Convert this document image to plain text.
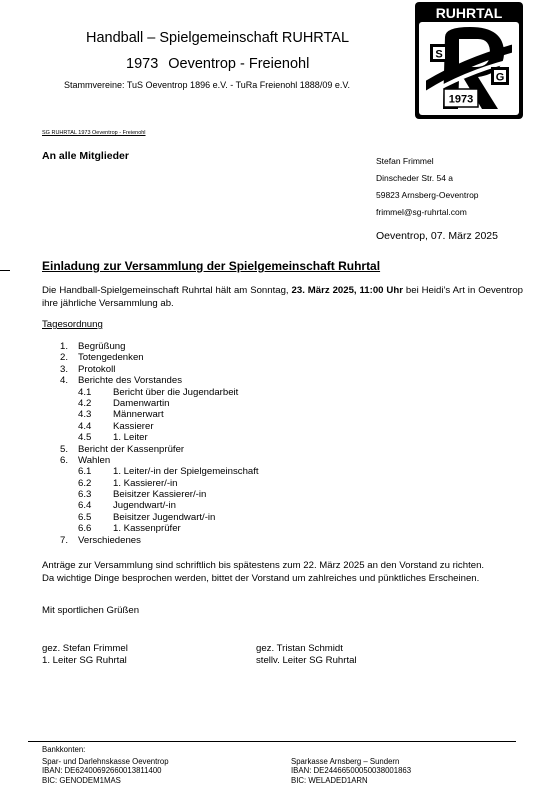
Handball – Spielgemeinschaft RUHRTAL
1973 Oeventrop - Freienohl
Stammvereine: TuS Oeventrop 1896 e.V. - TuRa Freienohl 1888/09 e.V.
RUHRTAL
S
G
1973
SG RUHRTAL 1973 Oeventrop - Freienohl
An alle Mitglieder	Stefan Frimmel
Dinscheder Str. 54 a
59823 Arnsberg-Oeventrop
frimmel@sg-ruhrtal.com
Oeventrop, 07. März 2025
Einladung zur Versammlung der Spielgemeinschaft Ruhrtal
Die Handball-Spielgemeinschaft Ruhrtal hält am Sonntag, 23. März 2025, 11:00 Uhr bei Heidi’s Art in Oeventrop ihre jährliche Versammlung ab.
Tagesordnung
1. Begrüßung
2. Totengedenken
3. Protokoll
4. Berichte des Vorstandes
4.1 Bericht über die Jugendarbeit
4.2 Damenwartin
4.3 Männerwart
4.4 Kassierer
4.5 1. Leiter
5. Bericht der Kassenprüfer
6. Wahlen
6.1 1. Leiter/-in der Spielgemeinschaft
6.2 1. Kassierer/-in
6.3 Beisitzer Kassierer/-in
6.4 Jugendwart/-in
6.5 Beisitzer Jugendwart/-in
6.6 1. Kassenprüfer
7. Verschiedenes
Anträge zur Versammlung sind schriftlich bis spätestens zum 22. März 2025 an den Vorstand zu richten.
Da wichtige Dinge besprochen werden, bittet der Vorstand um zahlreiches und pünktliches Erscheinen.
Mit sportlichen Grüßen
gez. Stefan Frimmel
1. Leiter SG Ruhrtal
gez. Tristan Schmidt
stellv. Leiter SG Ruhrtal
Bankkonten:
Spar- und Darlehnskasse Oeventrop
IBAN: DE62400692660013811400
BIC: GENODEM1MAS
Sparkasse Arnsberg – Sundern
IBAN: DE24466500050038001863
BIC: WELADED1ARN
